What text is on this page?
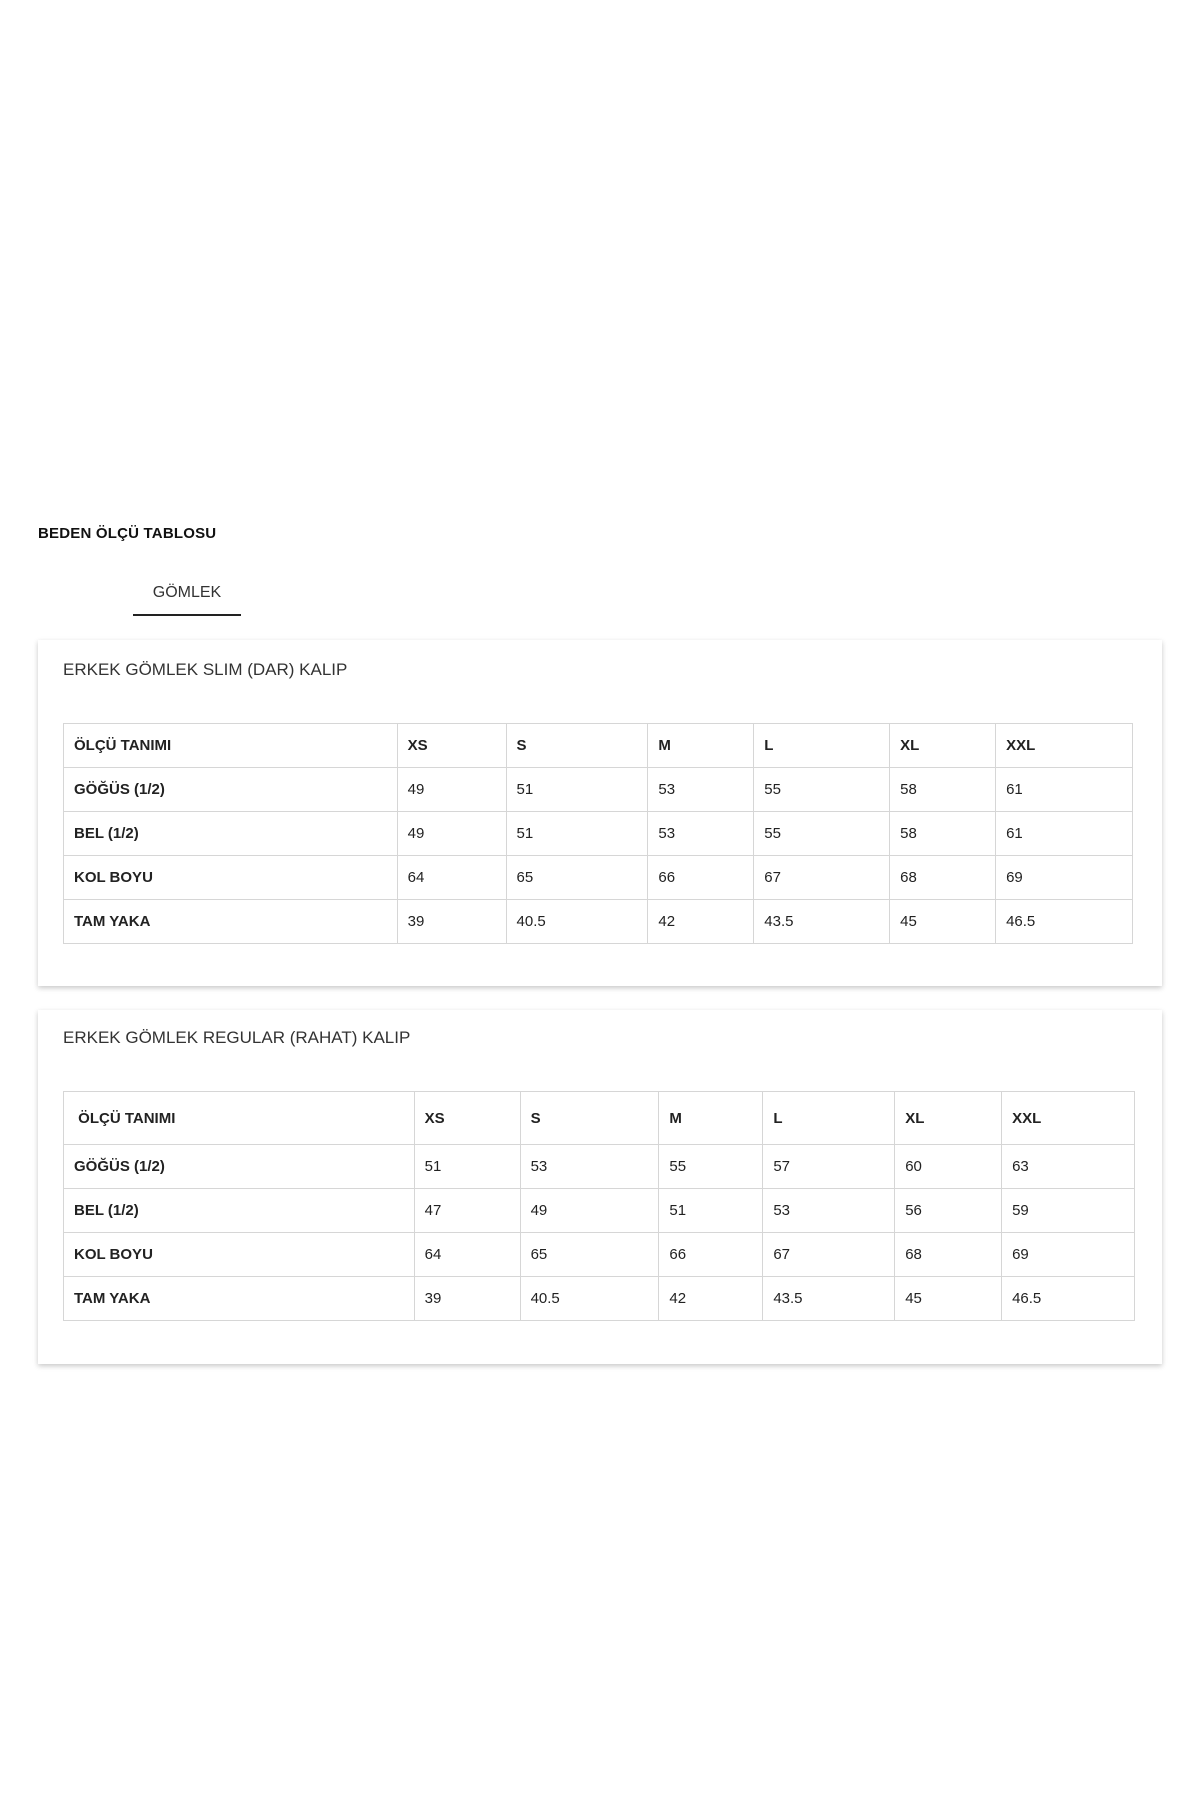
BEDEN ÖLÇÜ TABLOSU
GÖMLEK
ERKEK GÖMLEK SLIM (DAR) KALIP
ÖLÇÜ TANIMI	XS	S	M	L	XL	XXL
GÖĞÜS (1/2)	49	51	53	55	58	61
BEL (1/2)	49	51	53	55	58	61
KOL BOYU	64	65	66	67	68	69
TAM YAKA	39	40.5	42	43.5	45	46.5
ERKEK GÖMLEK REGULAR (RAHAT) KALIP
ÖLÇÜ TANIMI	XS	S	M	L	XL	XXL
GÖĞÜS (1/2)	51	53	55	57	60	63
BEL (1/2)	47	49	51	53	56	59
KOL BOYU	64	65	66	67	68	69
TAM YAKA	39	40.5	42	43.5	45	46.5
